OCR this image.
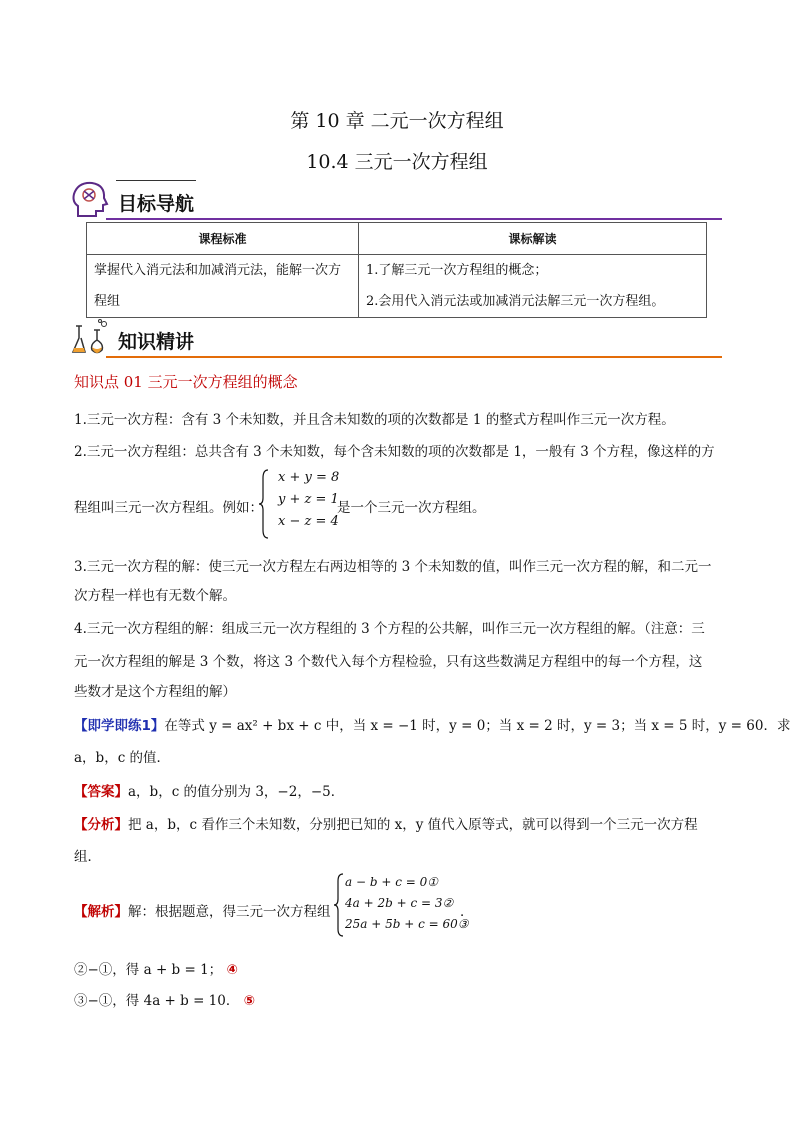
第 10 章 二元一次方程组
10.4 三元一次方程组
目标导航
课程标准	课标解读
掌握代入消元法和加减消元法，能解一次方程组	1.了解三元一次方程组的概念；
2.会用代入消元法或加减消元法解三元一次方程组。
知识精讲
知识点 01 三元一次方程组的概念
1.三元一次方程：含有 3 个未知数，并且含未知数的项的次数都是 1 的整式方程叫作三元一次方程。
2.三元一次方程组：总共含有 3 个未知数，每个含未知数的项的次数都是 1，一般有 3 个方程，像这样的方
程组叫三元一次方程组。例如：
x + y = 8
y + z = 1
x − z = 4
是一个三元一次方程组。
3.三元一次方程的解：使三元一次方程左右两边相等的 3 个未知数的值，叫作三元一次方程的解，和二元一
次方程一样也有无数个解。
4.三元一次方程组的解：组成三元一次方程组的 3 个方程的公共解，叫作三元一次方程组的解。（注意：三
元一次方程组的解是 3 个数，将这 3 个数代入每个方程检验，只有这些数满足方程组中的每一个方程，这
些数才是这个方程组的解）
【即学即练1】在等式 y = ax² + bx + c 中，当 x = −1 时，y = 0；当 x = 2 时，y = 3；当 x = 5 时，y = 60．求
a，b，c 的值．
【答案】a，b，c 的值分别为 3，−2，−5．
【分析】把 a，b，c 看作三个未知数，分别把已知的 x，y 值代入原等式，就可以得到一个三元一次方程
组．
【解析】解：根据题意，得三元一次方程组
a − b + c = 0①
4a + 2b + c = 3②
25a + 5b + c = 60③
．
②−①，得 a + b = 1； ④
③−①，得 4a + b = 10． ⑤
